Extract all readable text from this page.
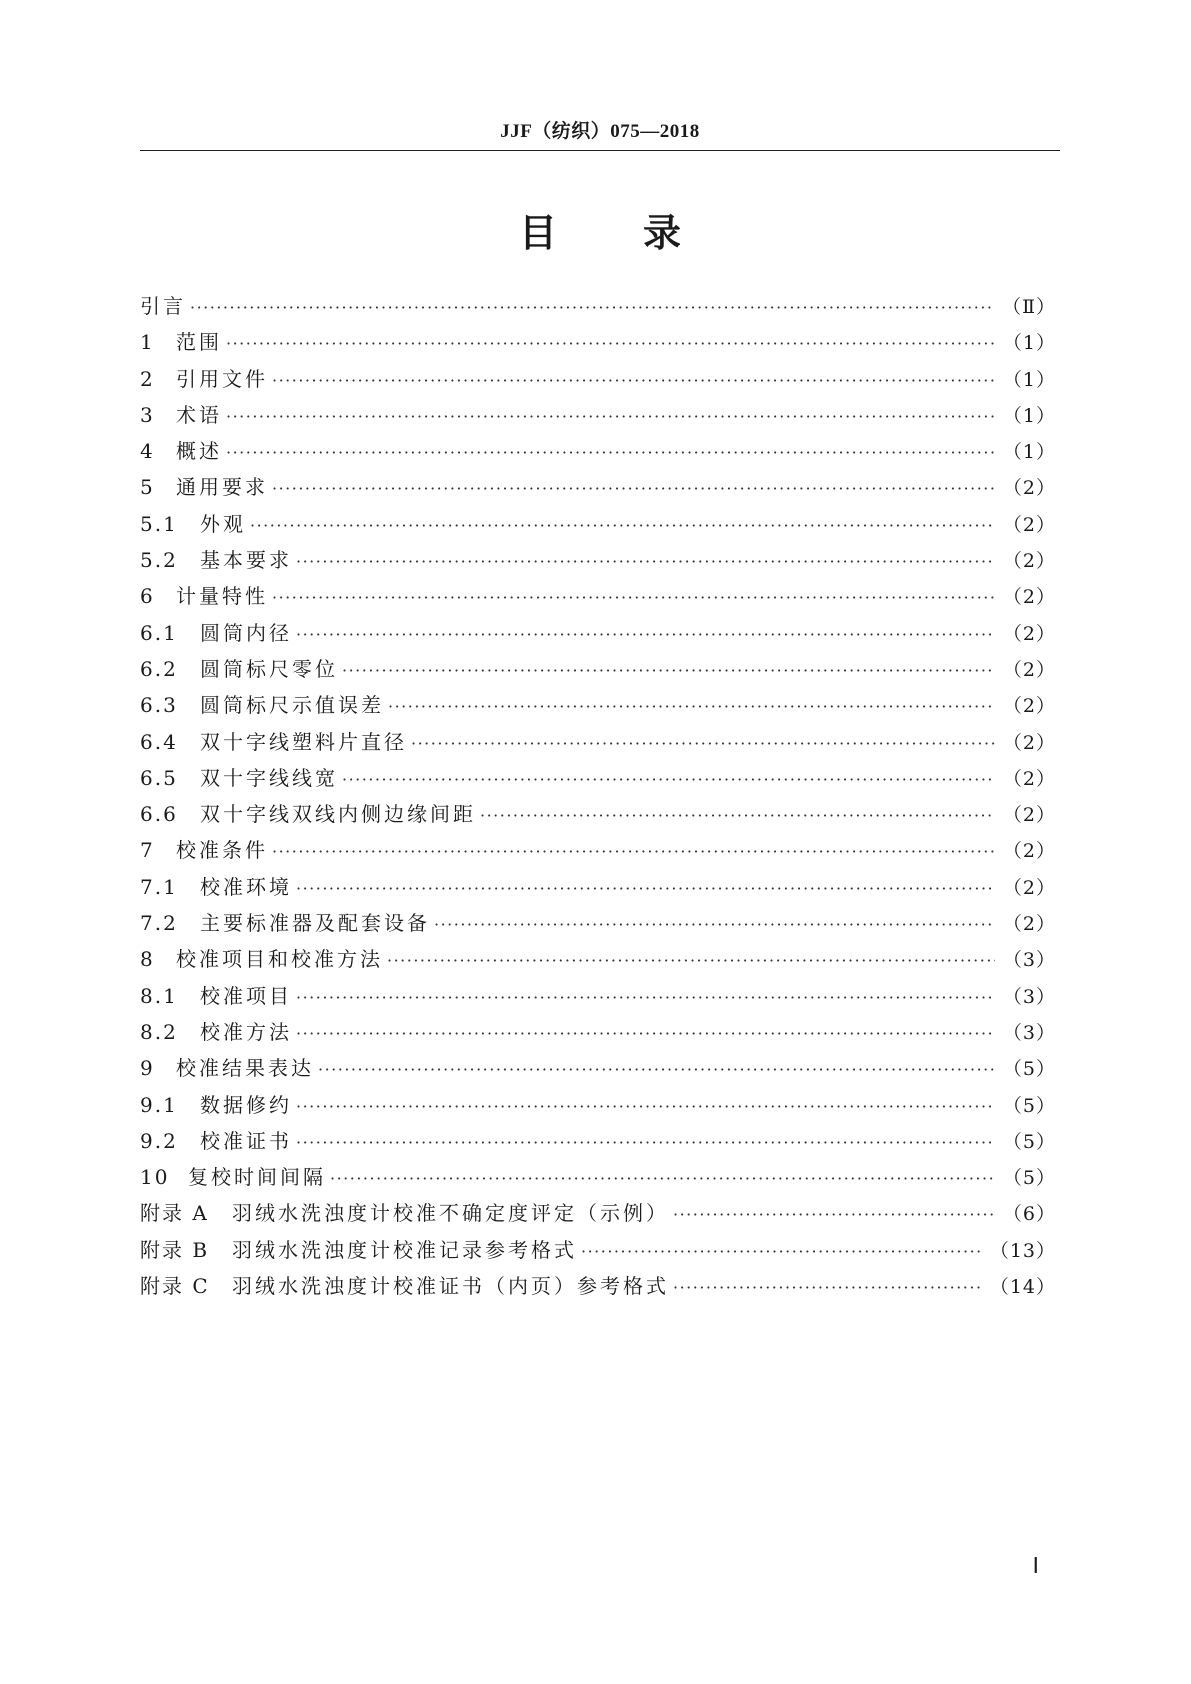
JJF（纺织）075—2018
目录
引言 ·····	（Ⅱ）
1	范围 ·····	（1）
2	引用文件 ·····	（1）
3	术语 ·····	（1）
4	概述 ·····	（1）
5	通用要求 ·····	（2）
5.1	外观 ·····	（2）
5.2	基本要求 ·····	（2）
6	计量特性 ·····	（2）
6.1	圆筒内径 ·····	（2）
6.2	圆筒标尺零位 ·····	（2）
6.3	圆筒标尺示值误差 ·····	（2）
6.4	双十字线塑料片直径 ·····	（2）
6.5	双十字线线宽 ·····	（2）
6.6	双十字线双线内侧边缘间距 ·····	（2）
7	校准条件 ·····	（2）
7.1	校准环境 ·····	（2）
7.2	主要标准器及配套设备 ·····	（2）
8	校准项目和校准方法 ·····	（3）
8.1	校准项目 ·····	（3）
8.2	校准方法 ·····	（3）
9	校准结果表达 ·····	（5）
9.1	数据修约 ·····	（5）
9.2	校准证书 ·····	（5）
10 复校时间间隔 ·····	（5）
附录 A	羽绒水洗浊度计校准不确定度评定（示例） ·····	（6）
附录 B	羽绒水洗浊度计校准记录参考格式 ·····	（13）
附录 C	羽绒水洗浊度计校准证书（内页）参考格式 ·····	（14）
Ⅰ
